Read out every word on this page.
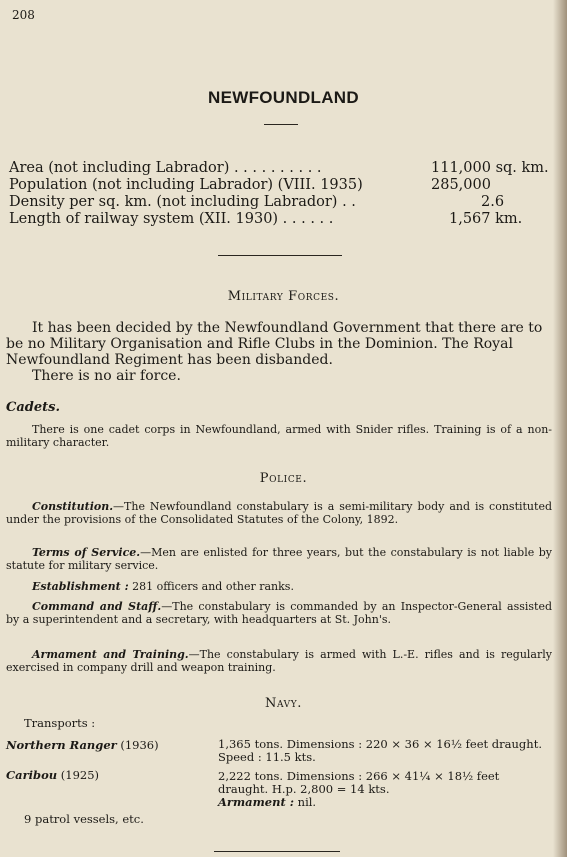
208
NEWFOUNDLAND
Area (not including Labrador) . . . . . . . . . .	111,000 sq. km.
Population (not including Labrador) (VIII. 1935)	285,000
Density per sq. km. (not including Labrador) . .	2.6
Length of railway system (XII. 1930) . . . . . .	1,567 km.
Military Forces.
It has been decided by the Newfoundland Government that there are to be no Military Organisation and Rifle Clubs in the Dominion. The Royal Newfoundland Regiment has been disbanded.
There is no air force.
Cadets.
There is one cadet corps in Newfoundland, armed with Snider rifles. Training is of a non-military character.
Police.
Constitution.—The Newfoundland constabulary is a semi-military body and is constituted under the provisions of the Consolidated Statutes of the Colony, 1892.
Terms of Service.—Men are enlisted for three years, but the constabulary is not liable by statute for military service.
Establishment : 281 officers and other ranks.
Command and Staff.—The constabulary is commanded by an Inspector-General assisted by a superintendent and a secretary, with headquarters at St. John's.
Armament and Training.—The constabulary is armed with L.-E. rifles and is regularly exercised in company drill and weapon training.
Navy.
Transports :
Northern Ranger (1936)	1,365 tons. Dimensions : 220 × 36 × 16½ feet draught. Speed : 11.5 kts.
Caribou (1925)	2,222 tons. Dimensions : 266 × 41¼ × 18½ feet draught. H.p. 2,800 = 14 kts.
Armament : nil.
9 patrol vessels, etc.
